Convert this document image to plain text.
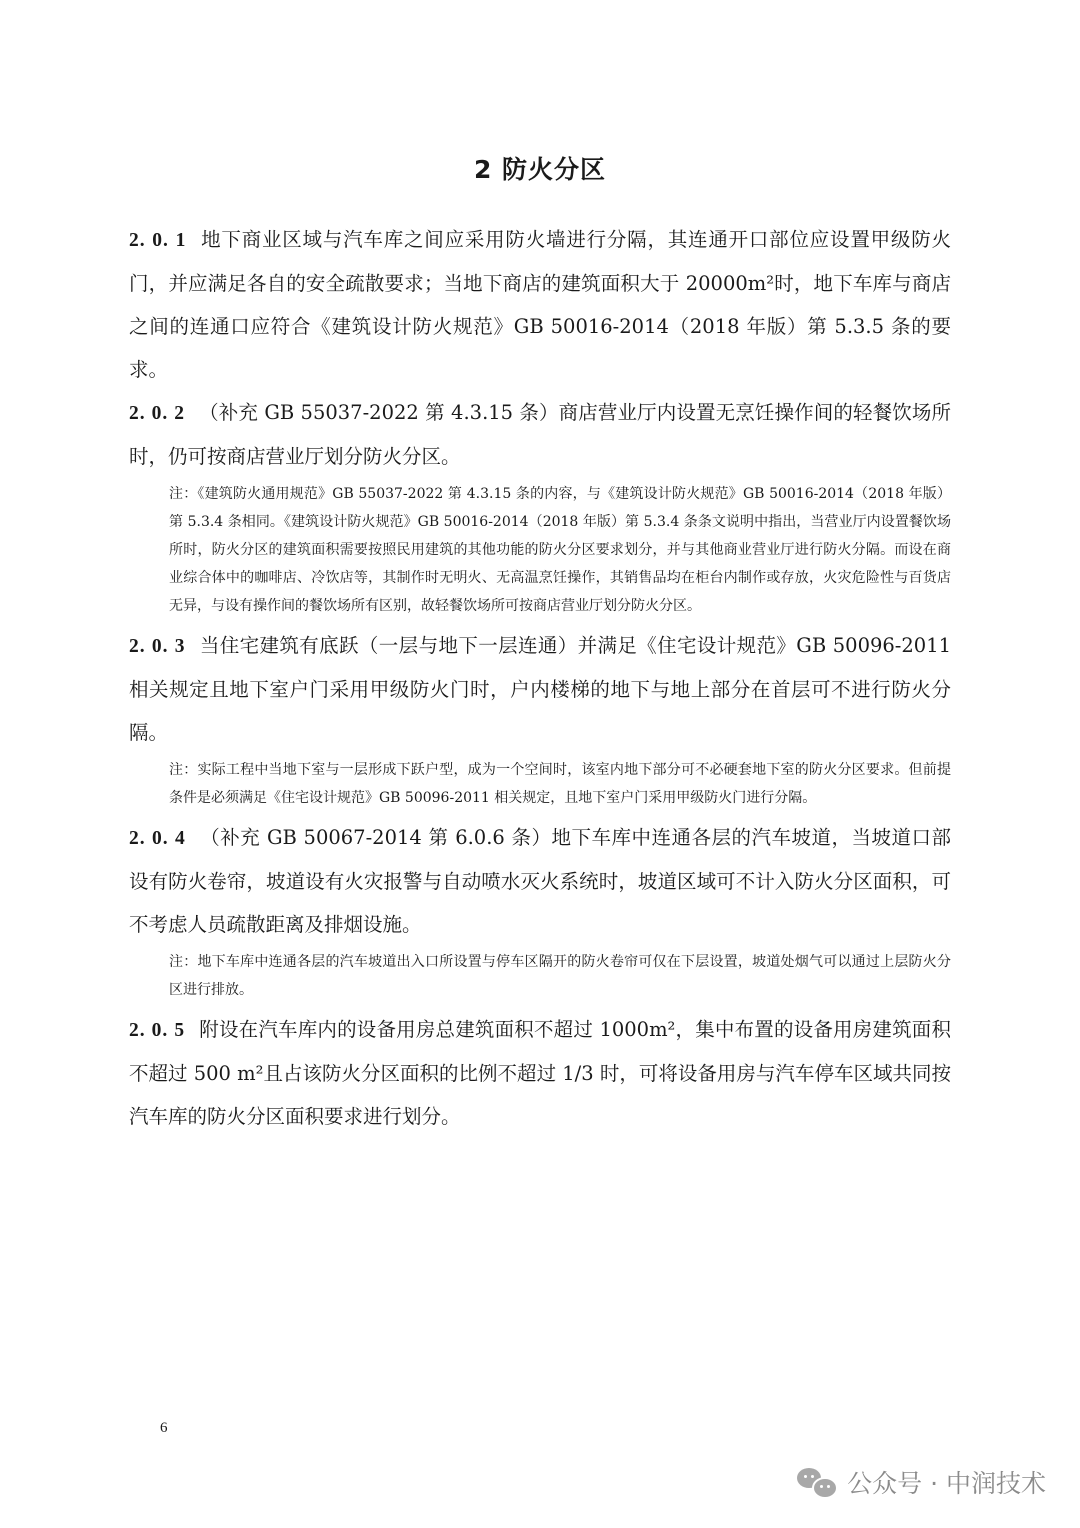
2 防火分区

2. 0. 1 地下商业区域与汽车库之间应采用防火墙进行分隔，其连通开口部位应设置甲级防火门，并应满足各自的安全疏散要求；当地下商店的建筑面积大于 20000m²时，地下车库与商店之间的连通口应符合《建筑设计防火规范》GB 50016-2014（2018 年版）第 5.3.5 条的要求。

2. 0. 2 （补充 GB 55037-2022 第 4.3.15 条）商店营业厅内设置无烹饪操作间的轻餐饮场所时，仍可按商店营业厅划分防火分区。

注：《建筑防火通用规范》GB 55037-2022 第 4.3.15 条的内容，与《建筑设计防火规范》GB 50016-2014（2018 年版）第 5.3.4 条相同。《建筑设计防火规范》GB 50016-2014（2018 年版）第 5.3.4 条条文说明中指出，当营业厅内设置餐饮场所时，防火分区的建筑面积需要按照民用建筑的其他功能的防火分区要求划分，并与其他商业营业厅进行防火分隔。而设在商业综合体中的咖啡店、冷饮店等，其制作时无明火、无高温烹饪操作，其销售品均在柜台内制作或存放，火灾危险性与百货店无异，与设有操作间的餐饮场所有区别，故轻餐饮场所可按商店营业厅划分防火分区。

2. 0. 3 当住宅建筑有底跃（一层与地下一层连通）并满足《住宅设计规范》GB 50096-2011 相关规定且地下室户门采用甲级防火门时，户内楼梯的地下与地上部分在首层可不进行防火分隔。

注：实际工程中当地下室与一层形成下跃户型，成为一个空间时，该室内地下部分可不必硬套地下室的防火分区要求。但前提条件是必须满足《住宅设计规范》GB 50096-2011 相关规定，且地下室户门采用甲级防火门进行分隔。

2. 0. 4 （补充 GB 50067-2014 第 6.0.6 条）地下车库中连通各层的汽车坡道，当坡道口部设有防火卷帘，坡道设有火灾报警与自动喷水灭火系统时，坡道区域可不计入防火分区面积，可不考虑人员疏散距离及排烟设施。

注：地下车库中连通各层的汽车坡道出入口所设置与停车区隔开的防火卷帘可仅在下层设置，坡道处烟气可以通过上层防火分区进行排放。

2. 0. 5 附设在汽车库内的设备用房总建筑面积不超过 1000m²，集中布置的设备用房建筑面积不超过 500 m²且占该防火分区面积的比例不超过 1/3 时，可将设备用房与汽车停车区域共同按汽车库的防火分区面积要求进行划分。

6
公众号 · 中润技术
